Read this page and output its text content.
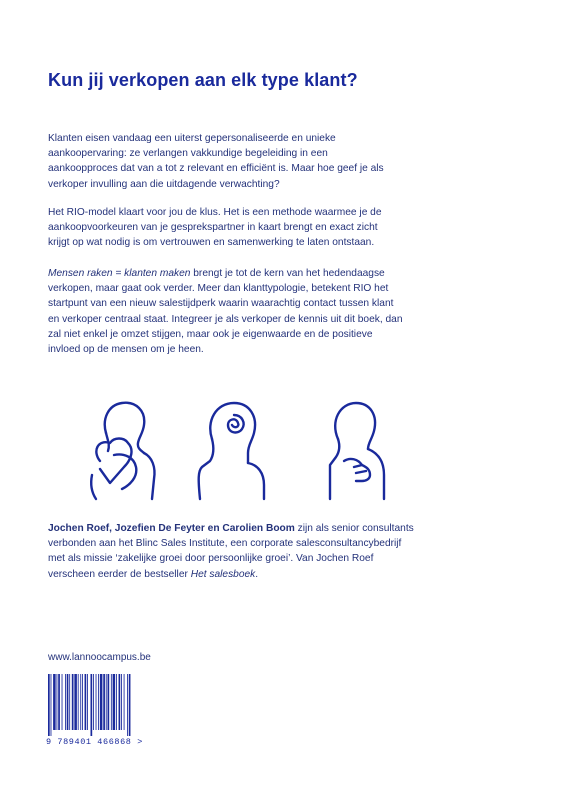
Kun jij verkopen aan elk type klant?
Klanten eisen vandaag een uiterst gepersonaliseerde en unieke
aankoopervaring: ze verlangen vakkundige begeleiding in een
aankoopproces dat van a tot z relevant en efficiënt is. Maar hoe geef je als
verkoper invulling aan die uitdagende verwachting?
Het RIO-model klaart voor jou de klus. Het is een methode waarmee je de
aankoopvoorkeuren van je gesprekspartner in kaart brengt en exact zicht
krijgt op wat nodig is om vertrouwen en samenwerking te laten ontstaan.
Mensen raken = klanten maken brengt je tot de kern van het hedendaagse
verkopen, maar gaat ook verder. Meer dan klanttypologie, betekent RIO het
startpunt van een nieuw salestijdperk waarin waarachtig contact tussen klant
en verkoper centraal staat. Integreer je als verkoper de kennis uit dit boek, dan
zal niet enkel je omzet stijgen, maar ook je eigenwaarde en de positieve
invloed op de mensen om je heen.
Jochen Roef, Jozefien De Feyter en Carolien Boom zijn als senior consultants
verbonden aan het Blinc Sales Institute, een corporate salesconsultancybedrijf
met als missie ‘zakelijke groei door persoonlijke groei’. Van Jochen Roef
verscheen eerder de bestseller Het salesboek.
www.lannoocampus.be
9 789401 466868 >
